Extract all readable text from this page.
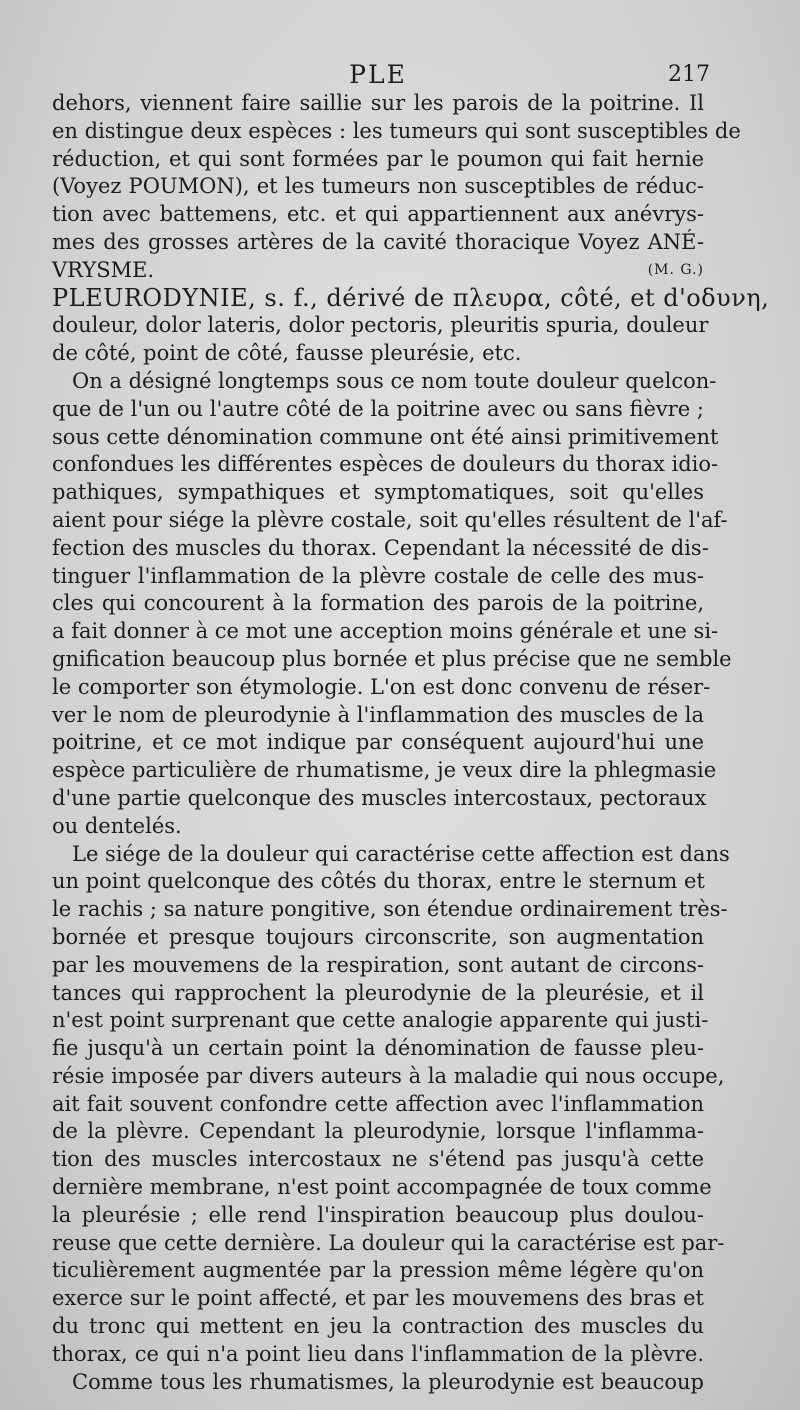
PLE	217
dehors, viennent faire saillie sur les parois de la poitrine. Il
en distingue deux espèces : les tumeurs qui sont susceptibles de
réduction, et qui sont formées par le poumon qui fait hernie
(Voyez POUMON), et les tumeurs non susceptibles de réduc-
tion avec battemens, etc. et qui appartiennent aux anévrys-
mes des grosses artères de la cavité thoracique Voyez ANÉ-
VRYSME.	(M. G.)
PLEURODYNIE, s. f., dérivé de πλευρα, côté, et d'οδυνη,
douleur, dolor lateris, dolor pectoris, pleuritis spuria, douleur
de côté, point de côté, fausse pleurésie, etc.
On a désigné longtemps sous ce nom toute douleur quelcon-
que de l'un ou l'autre côté de la poitrine avec ou sans fièvre ;
sous cette dénomination commune ont été ainsi primitivement
confondues les différentes espèces de douleurs du thorax idio-
pathiques, sympathiques et symptomatiques, soit qu'elles
aient pour siége la plèvre costale, soit qu'elles résultent de l'af-
fection des muscles du thorax. Cependant la nécessité de dis-
tinguer l'inflammation de la plèvre costale de celle des mus-
cles qui concourent à la formation des parois de la poitrine,
a fait donner à ce mot une acception moins générale et une si-
gnification beaucoup plus bornée et plus précise que ne semble
le comporter son étymologie. L'on est donc convenu de réser-
ver le nom de pleurodynie à l'inflammation des muscles de la
poitrine, et ce mot indique par conséquent aujourd'hui une
espèce particulière de rhumatisme, je veux dire la phlegmasie
d'une partie quelconque des muscles intercostaux, pectoraux
ou dentelés.
Le siége de la douleur qui caractérise cette affection est dans
un point quelconque des côtés du thorax, entre le sternum et
le rachis ; sa nature pongitive, son étendue ordinairement très-
bornée et presque toujours circonscrite, son augmentation
par les mouvemens de la respiration, sont autant de circons-
tances qui rapprochent la pleurodynie de la pleurésie, et il
n'est point surprenant que cette analogie apparente qui justi-
fie jusqu'à un certain point la dénomination de fausse pleu-
résie imposée par divers auteurs à la maladie qui nous occupe,
ait fait souvent confondre cette affection avec l'inflammation
de la plèvre. Cependant la pleurodynie, lorsque l'inflamma-
tion des muscles intercostaux ne s'étend pas jusqu'à cette
dernière membrane, n'est point accompagnée de toux comme
la pleurésie ; elle rend l'inspiration beaucoup plus doulou-
reuse que cette dernière. La douleur qui la caractérise est par-
ticulièrement augmentée par la pression même légère qu'on
exerce sur le point affecté, et par les mouvemens des bras et
du tronc qui mettent en jeu la contraction des muscles du
thorax, ce qui n'a point lieu dans l'inflammation de la plèvre.
Comme tous les rhumatismes, la pleurodynie est beaucoup
